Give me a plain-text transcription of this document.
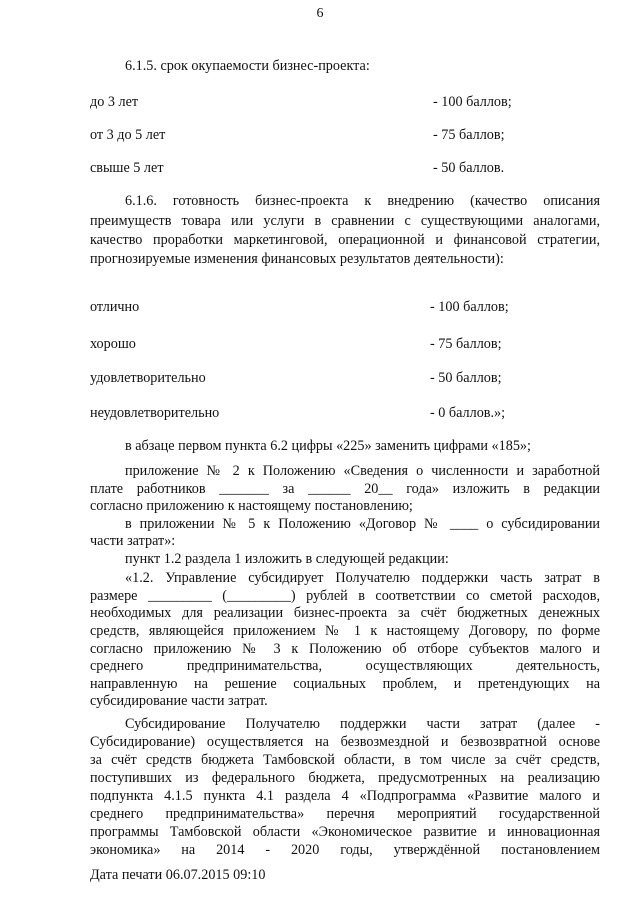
6
6.1.5. срок окупаемости бизнес-проекта:
до 3 лет	- 100 баллов;
от 3 до 5 лет	- 75 баллов;
свыше 5 лет	- 50 баллов.
6.1.6. готовность бизнес-проекта к внедрению (качество описания
преимуществ товара или услуги в сравнении с существующими аналогами,
качество проработки маркетинговой, операционной и финансовой стратегии,
прогнозируемые изменения финансовых результатов деятельности):
отлично	- 100 баллов;
хорошо	- 75 баллов;
удовлетворительно	- 50 баллов;
неудовлетворительно	- 0 баллов.»;
в абзаце первом пункта 6.2 цифры «225» заменить цифрами «185»;
приложение № 2 к Положению «Сведения о численности и заработной
плате работников _______ за ______ 20__ года» изложить в редакции
согласно приложению к настоящему постановлению;
в приложении № 5 к Положению «Договор № ____ о субсидировании
части затрат»:
пункт 1.2 раздела 1 изложить в следующей редакции:
«1.2. Управление субсидирует Получателю поддержки часть затрат в
размере _________ (_________) рублей в соответствии со сметой расходов,
необходимых для реализации бизнес-проекта за счёт бюджетных денежных
средств, являющейся приложением № 1 к настоящему Договору, по форме
согласно приложению № 3 к Положению об отборе субъектов малого и
среднего предпринимательства, осуществляющих деятельность,
направленную на решение социальных проблем, и претендующих на
субсидирование части затрат.
Субсидирование Получателю поддержки части затрат (далее -
Субсидирование) осуществляется на безвозмездной и безвозвратной основе
за счёт средств бюджета Тамбовской области, в том числе за счёт средств,
поступивших из федерального бюджета, предусмотренных на реализацию
подпункта 4.1.5 пункта 4.1 раздела 4 «Подпрограмма «Развитие малого и
среднего предпринимательства» перечня мероприятий государственной
программы Тамбовской области «Экономическое развитие и инновационная
экономика» на 2014 - 2020 годы, утверждённой постановлением
Дата печати 06.07.2015 09:10
